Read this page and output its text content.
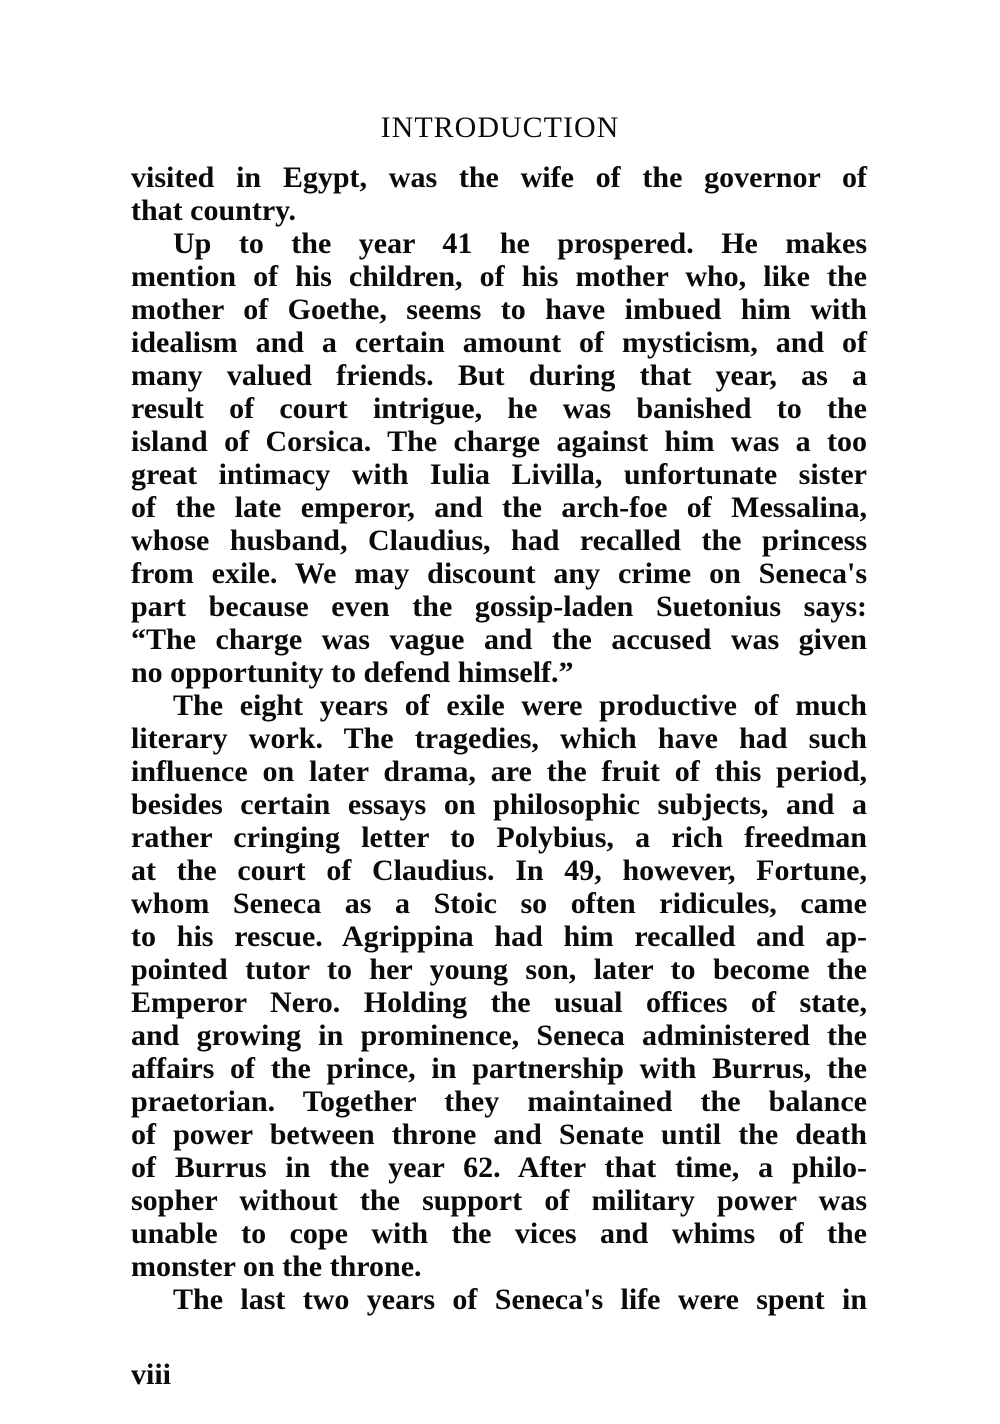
INTRODUCTION

visited in Egypt, was the wife of the governor of

that country.

Up to the year 41 he prospered. He makes

mention of his children, of his mother who, like the

mother of Goethe, seems to have imbued him with

idealism and a certain amount of mysticism, and of

many valued friends. But during that year, as a

result of court intrigue, he was banished to the

island of Corsica. The charge against him was a too

great intimacy with Iulia Livilla, unfortunate sister

of the late emperor, and the arch-foe of Messalina,

whose husband, Claudius, had recalled the princess

from exile. We may discount any crime on Seneca's

part because even the gossip-laden Suetonius says:

“The charge was vague and the accused was given

no opportunity to defend himself.”

The eight years of exile were productive of much

literary work. The tragedies, which have had such

influence on later drama, are the fruit of this period,

besides certain essays on philosophic subjects, and a

rather cringing letter to Polybius, a rich freedman

at the court of Claudius. In 49, however, Fortune,

whom Seneca as a Stoic so often ridicules, came

to his rescue. Agrippina had him recalled and ap-

pointed tutor to her young son, later to become the

Emperor Nero. Holding the usual offices of state,

and growing in prominence, Seneca administered the

affairs of the prince, in partnership with Burrus, the

praetorian. Together they maintained the balance

of power between throne and Senate until the death

of Burrus in the year 62. After that time, a philo-

sopher without the support of military power was

unable to cope with the vices and whims of the

monster on the throne.

The last two years of Seneca's life were spent in

viii
